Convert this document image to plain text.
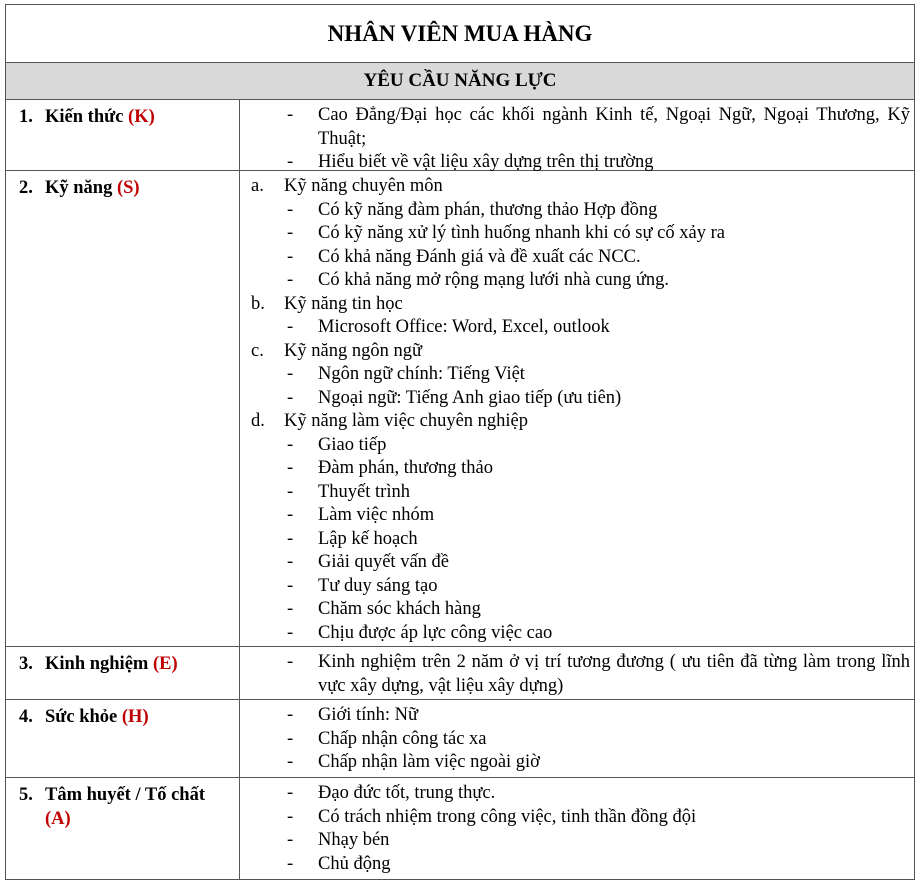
NHÂN VIÊN MUA HÀNG
YÊU CẦU NĂNG LỰC
1. Kiến thức (K)	-	Cao Đẳng/Đại học các khối ngành Kinh tế, Ngoại Ngữ, Ngoại Thương, Kỹ Thuật;
-	Hiểu biết về vật liệu xây dựng trên thị trường
2. Kỹ năng (S)	a.	Kỹ năng chuyên môn
-	Có kỹ năng đàm phán, thương thảo Hợp đồng
-	Có kỹ năng xử lý tình huống nhanh khi có sự cố xảy ra
-	Có khả năng Đánh giá và đề xuất các NCC.
-	Có khả năng mở rộng mạng lưới nhà cung ứng.
b.	Kỹ năng tin học
-	Microsoft Office: Word, Excel, outlook
c.	Kỹ năng ngôn ngữ
-	Ngôn ngữ chính: Tiếng Việt
-	Ngoại ngữ: Tiếng Anh giao tiếp (ưu tiên)
d.	Kỹ năng làm việc chuyên nghiệp
-	Giao tiếp
-	Đàm phán, thương thảo
-	Thuyết trình
-	Làm việc nhóm
-	Lập kế hoạch
-	Giải quyết vấn đề
-	Tư duy sáng tạo
-	Chăm sóc khách hàng
-	Chịu được áp lực công việc cao
3. Kinh nghiệm (E)	-	Kinh nghiệm trên 2 năm ở vị trí tương đương ( ưu tiên đã từng làm trong lĩnh vực xây dựng, vật liệu xây dựng)
4. Sức khỏe (H)	-	Giới tính: Nữ
-	Chấp nhận công tác xa
-	Chấp nhận làm việc ngoài giờ
5. Tâm huyết / Tố chất
(A)
-	Đạo đức tốt, trung thực.
-	Có trách nhiệm trong công việc, tinh thần đồng đội
-	Nhạy bén
-	Chủ động
